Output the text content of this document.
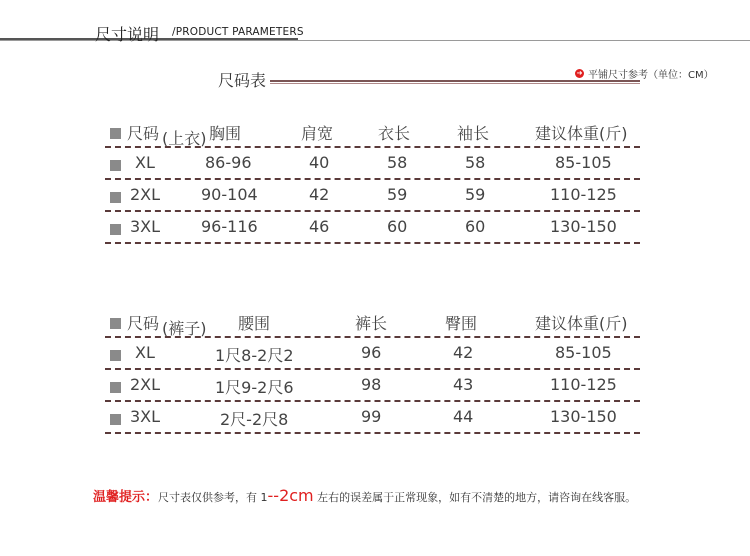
尺寸说明 /PRODUCT PARAMETERS
尺码表	➜ 平铺尺寸参考（单位：CM）
尺码 (上衣) 胸围	肩宽	衣长	袖长	建议体重(斤)
XL	86-96	40	58	58	85-105
2XL	90-104	42	59	59	110-125
3XL	96-116	46	60	60	130-150
尺码 (裤子) 腰围	裤长	臀围	建议体重(斤)
XL	1尺8-2尺2	96	42	85-105
2XL	1尺9-2尺6	98	43	110-125
3XL	2尺-2尺8	99	44	130-150
温馨提示：尺寸表仅供参考，有 1--2cm 左右的误差属于正常现象，如有不清楚的地方，请咨询在线客服。
